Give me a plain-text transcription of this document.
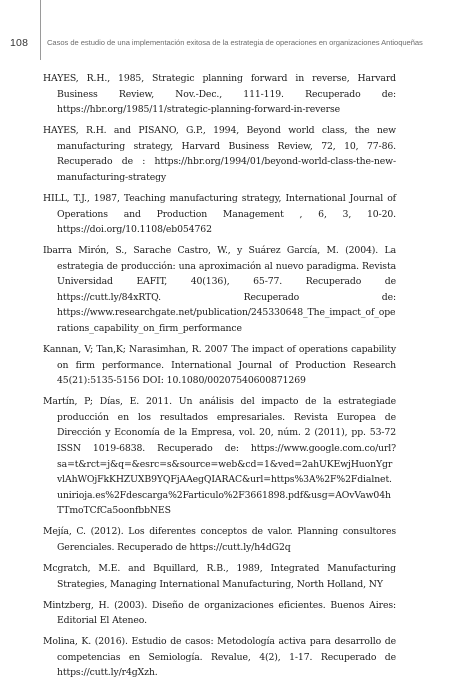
108 Casos de estudio de una implementación exitosa de la estrategia de operaciones en organizaciones Antioqueñas

HAYES, R.H., 1985, Strategic planning forward in reverse, Harvard Business Review, Nov.-Dec., 111-119. Recuperado de: https://hbr.org/1985/11/strategic-planning-forward-in-reverse

HAYES, R.H. and PISANO, G.P., 1994, Beyond world class, the new manufacturing strategy, Harvard Business Review, 72, 10, 77-86. Recuperado de : https://hbr.org/1994/01/beyond-world-class-the-new-manufacturing-strategy

HILL, T.J., 1987, Teaching manufacturing strategy, International Journal of Operations and Production Management , 6, 3, 10-20. https://doi.org/10.1108/eb054762

Ibarra Mirón, S., Sarache Castro, W., y Suárez García, M. (2004). La estrategia de producción: una aproximación al nuevo paradigma. Revista Universidad EAFIT, 40(136), 65-77. Recuperado de https://cutt.ly/84xRTQ. Recuperado de: https://www.researchgate.net/publication/245330648_The_impact_of_operations_capability_on_firm_performance

Kannan, V; Tan,K; Narasimhan, R. 2007 The impact of operations capability on firm performance. International Journal of Production Research 45(21):5135-5156 DOI: 10.1080/00207540600871269

Martín, P; Días, E. 2011. Un análisis del impacto de la estrategiade producción en los resultados empresariales. Revista Europea de Dirección y Economía de la Empresa, vol. 20, núm. 2 (2011), pp. 53-72 ISSN 1019-6838. Recuperado de: https://www.google.com.co/url?sa=t&rct=j&q=&esrc=s&source=web&cd=1&ved=2ahUKEwjHuonYgrvlAhWOjFkKHZUXB9YQFjAAegQIARAC&url=https%3A%2F%2Fdialnet.unirioja.es%2Fdescarga%2Farticulo%2F3661898.pdf&usg=AOvVaw04hTTmoTCfCa5oonfbbNES

Mejía, C. (2012). Los diferentes conceptos de valor. Planning consultores Gerenciales. Recuperado de https://cutt.ly/h4dG2q

Mcgratch, M.E. and Bquillard, R.B., 1989, Integrated Manufacturing Strategies, Managing International Manufacturing, North Holland, NY

Mintzberg, H. (2003). Diseño de organizaciones eficientes. Buenos Aires: Editorial El Ateneo.

Molina, K. (2016). Estudio de casos: Metodología activa para desarrollo de competencias en Semiología. Revalue, 4(2), 1-17. Recuperado de https://cutt.ly/r4gXzh.
